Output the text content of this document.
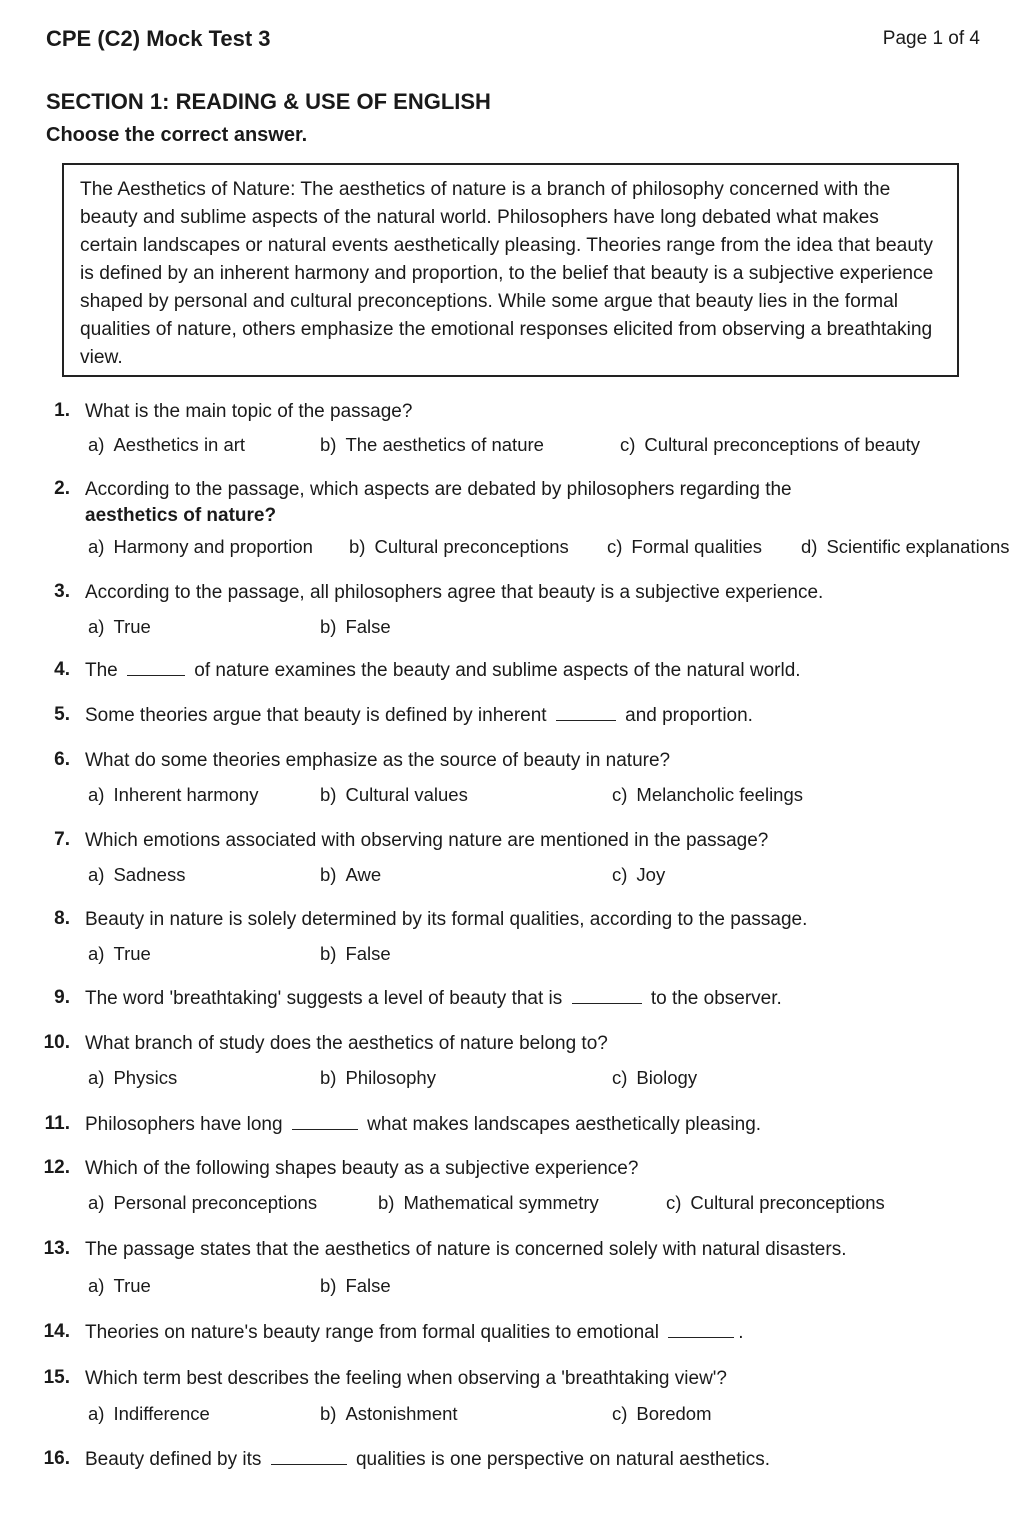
CPE (C2) Mock Test 3	Page 1 of 4
SECTION 1: READING & USE OF ENGLISH
Choose the correct answer.
The Aesthetics of Nature: The aesthetics of nature is a branch of philosophy concerned with the beauty and sublime aspects of the natural world. Philosophers have long debated what makes certain landscapes or natural events aesthetically pleasing. Theories range from the idea that beauty is defined by an inherent harmony and proportion, to the belief that beauty is a subjective experience shaped by personal and cultural preconceptions. While some argue that beauty lies in the formal qualities of nature, others emphasize the emotional responses elicited from observing a breathtaking view.
1. What is the main topic of the passage?
a) Aesthetics in art	b) The aesthetics of nature	c) Cultural preconceptions of beauty
2. According to the passage, which aspects are debated by philosophers regarding the aesthetics of nature?
a) Harmony and proportion b) Cultural preconceptions c) Formal qualities d) Scientific explanations
3. According to the passage, all philosophers agree that beauty is a subjective experience.
a) True	b) False
4. The	of nature examines the beauty and sublime aspects of the natural world.
5. Some theories argue that beauty is defined by inherent	and proportion.
6. What do some theories emphasize as the source of beauty in nature?
a) Inherent harmony	b) Cultural values	c) Melancholic feelings
7. Which emotions associated with observing nature are mentioned in the passage?
a) Sadness	b) Awe	c) Joy
8. Beauty in nature is solely determined by its formal qualities, according to the passage.
a) True	b) False
9. The word 'breathtaking' suggests a level of beauty that is	to the observer.
10. What branch of study does the aesthetics of nature belong to?
a) Physics	b) Philosophy	c) Biology
11. Philosophers have long	what makes landscapes aesthetically pleasing.
12. Which of the following shapes beauty as a subjective experience?
a) Personal preconceptions	b) Mathematical symmetry	c) Cultural preconceptions
13. The passage states that the aesthetics of nature is concerned solely with natural disasters.
a) True	b) False
14. Theories on nature's beauty range from formal qualities to emotional	.
15. Which term best describes the feeling when observing a 'breathtaking view'?
a) Indifference	b) Astonishment	c) Boredom
16. Beauty defined by its	qualities is one perspective on natural aesthetics.
